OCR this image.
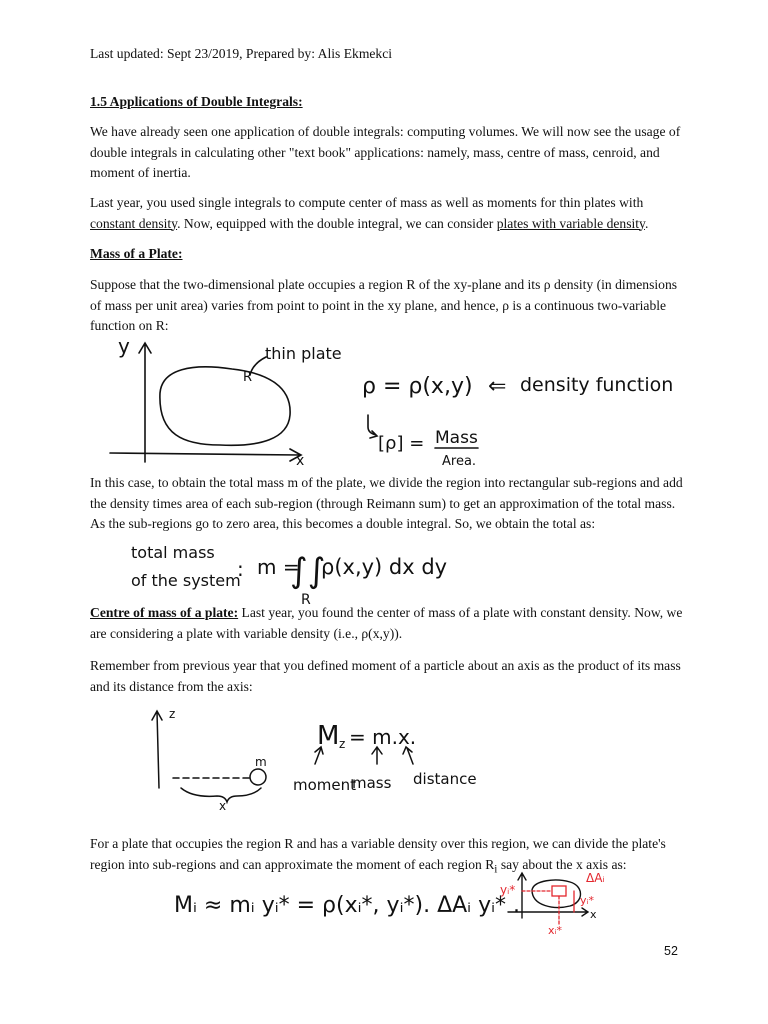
Last updated: Sept 23/2019, Prepared by: Alis Ekmekci

1.5 Applications of Double Integrals:

We have already seen one application of double integrals: computing volumes. We will now see the usage of double integrals in calculating other "text book" applications: namely, mass, centre of mass, cenroid, and moment of inertia.

Last year, you used single integrals to compute center of mass as well as moments for thin plates with constant density. Now, equipped with the double integral, we can consider plates with variable density.

Mass of a Plate:

Suppose that the two-dimensional plate occupies a region R of the xy-plane and its ρ density (in dimensions of mass per unit area) varies from point to point in the xy plane, and hence, ρ is a continuous two-variable function on R:

y
x
R
thin plate
ρ = ρ(x,y) ⇐ density function
[ρ] = Mass
Area.

In this case, to obtain the total mass m of the plate, we divide the region into rectangular sub-regions and add the density times area of each sub-region (through Reimann sum) to get an approximation of the total mass. As the sub-regions go to zero area, this becomes a double integral. So, we obtain the total as:

total mass
of the system
: m =
∫∫
ρ(x,y) dx dy
R

Centre of mass of a plate: Last year, you found the center of mass of a plate with constant density. Now, we are considering a plate with variable density (i.e., ρ(x,y)).

Remember from previous year that you defined moment of a particle about an axis as the product of its mass and its distance from the axis:

z
m
x
M z = m.x.
moment
mass distance

For a plate that occupies the region R and has a variable density over this region, we can divide the plate's region into sub-regions and can approximate the moment of each region $R_i$ say about the x axis as:

Mᵢ ≈ mᵢ yᵢ* = ρ(xᵢ*, yᵢ*). ΔAᵢ yᵢ* .
yᵢ*
ΔAᵢ
yᵢ*
xᵢ*
x
52
